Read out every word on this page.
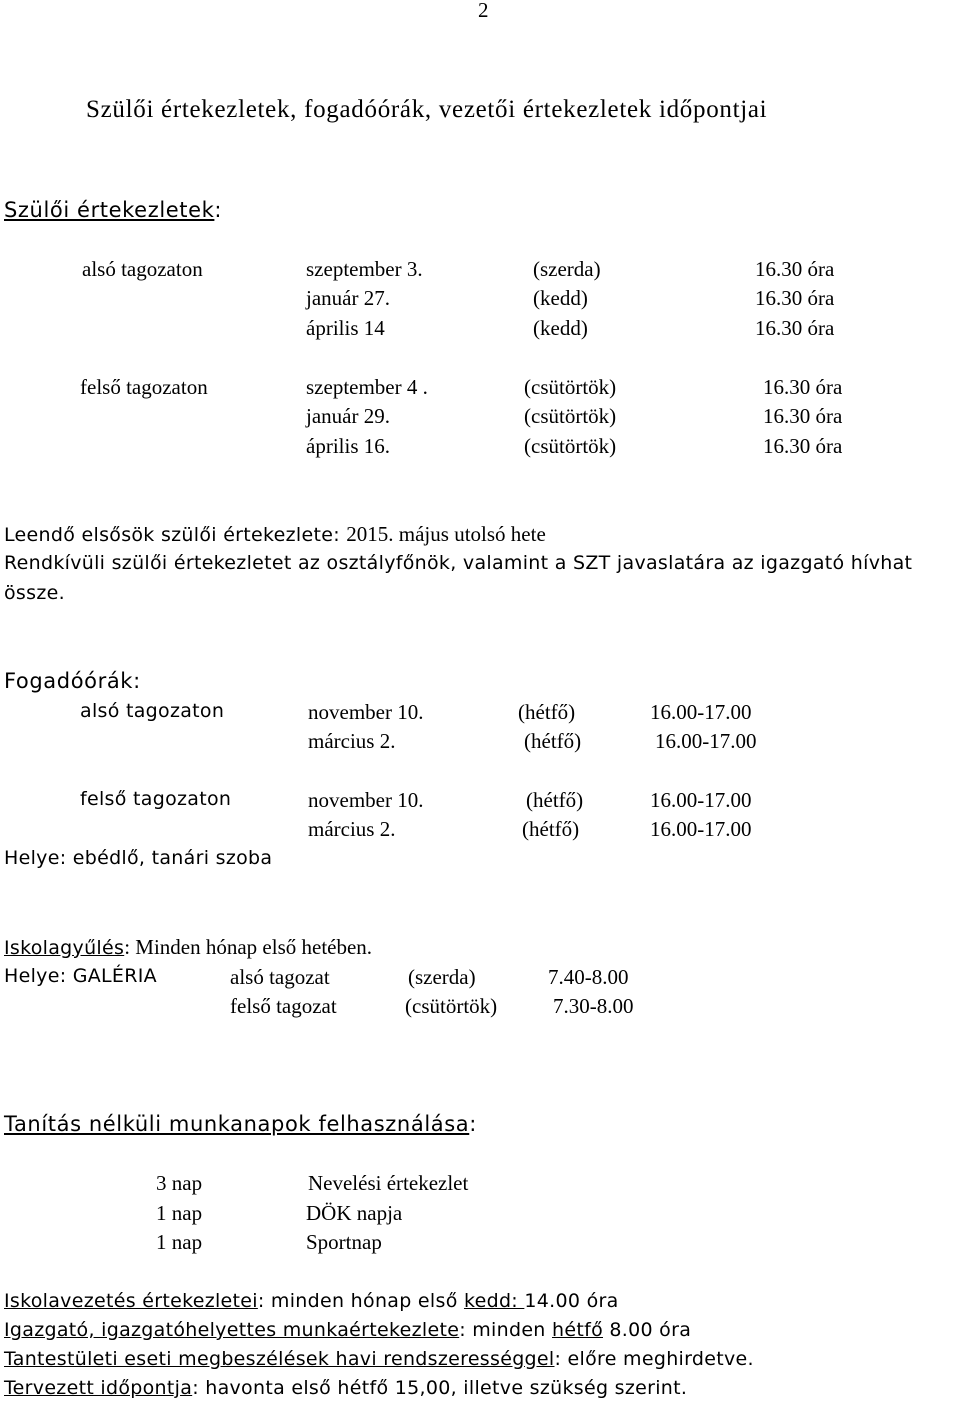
2
Szülői értekezletek, fogadóórák, vezetői értekezletek időpontjai
Szülői értekezletek:
alsó tagozaton	szeptember 3.	(szerda)	16.30 óra
január 27.	(kedd)	16.30 óra
április 14	(kedd)	16.30 óra
felső tagozaton	szeptember 4 .	(csütörtök)	16.30 óra
január 29.	(csütörtök)	16.30 óra
április 16.	(csütörtök)	16.30 óra
Leendő elsősök szülői értekezlete: 2015. május utolsó hete
Rendkívüli szülői értekezletet az osztályfőnök, valamint a SZT javaslatára az igazgató hívhat
össze.
Fogadóórák:
alsó tagozaton	november 10.	(hétfő)	16.00-17.00
március 2.	(hétfő)	16.00-17.00
felső tagozaton	november 10.	(hétfő)	16.00-17.00
március 2.	(hétfő)	16.00-17.00
Helye: ebédlő, tanári szoba
Iskolagyűlés: Minden hónap első hetében.
Helye: GALÉRIA	alsó tagozat	(szerda)	7.40-8.00
felső tagozat	(csütörtök)	7.30-8.00
Tanítás nélküli munkanapok felhasználása:
3 nap	Nevelési értekezlet
1 nap	DÖK napja
1 nap	Sportnap
Iskolavezetés értekezletei: minden hónap első kedd: 14.00 óra
Igazgató, igazgatóhelyettes munkaértekezlete: minden hétfő 8.00 óra
Tantestületi eseti megbeszélések havi rendszerességgel: előre meghirdetve.
Tervezett időpontja: havonta első hétfő 15,00, illetve szükség szerint.
